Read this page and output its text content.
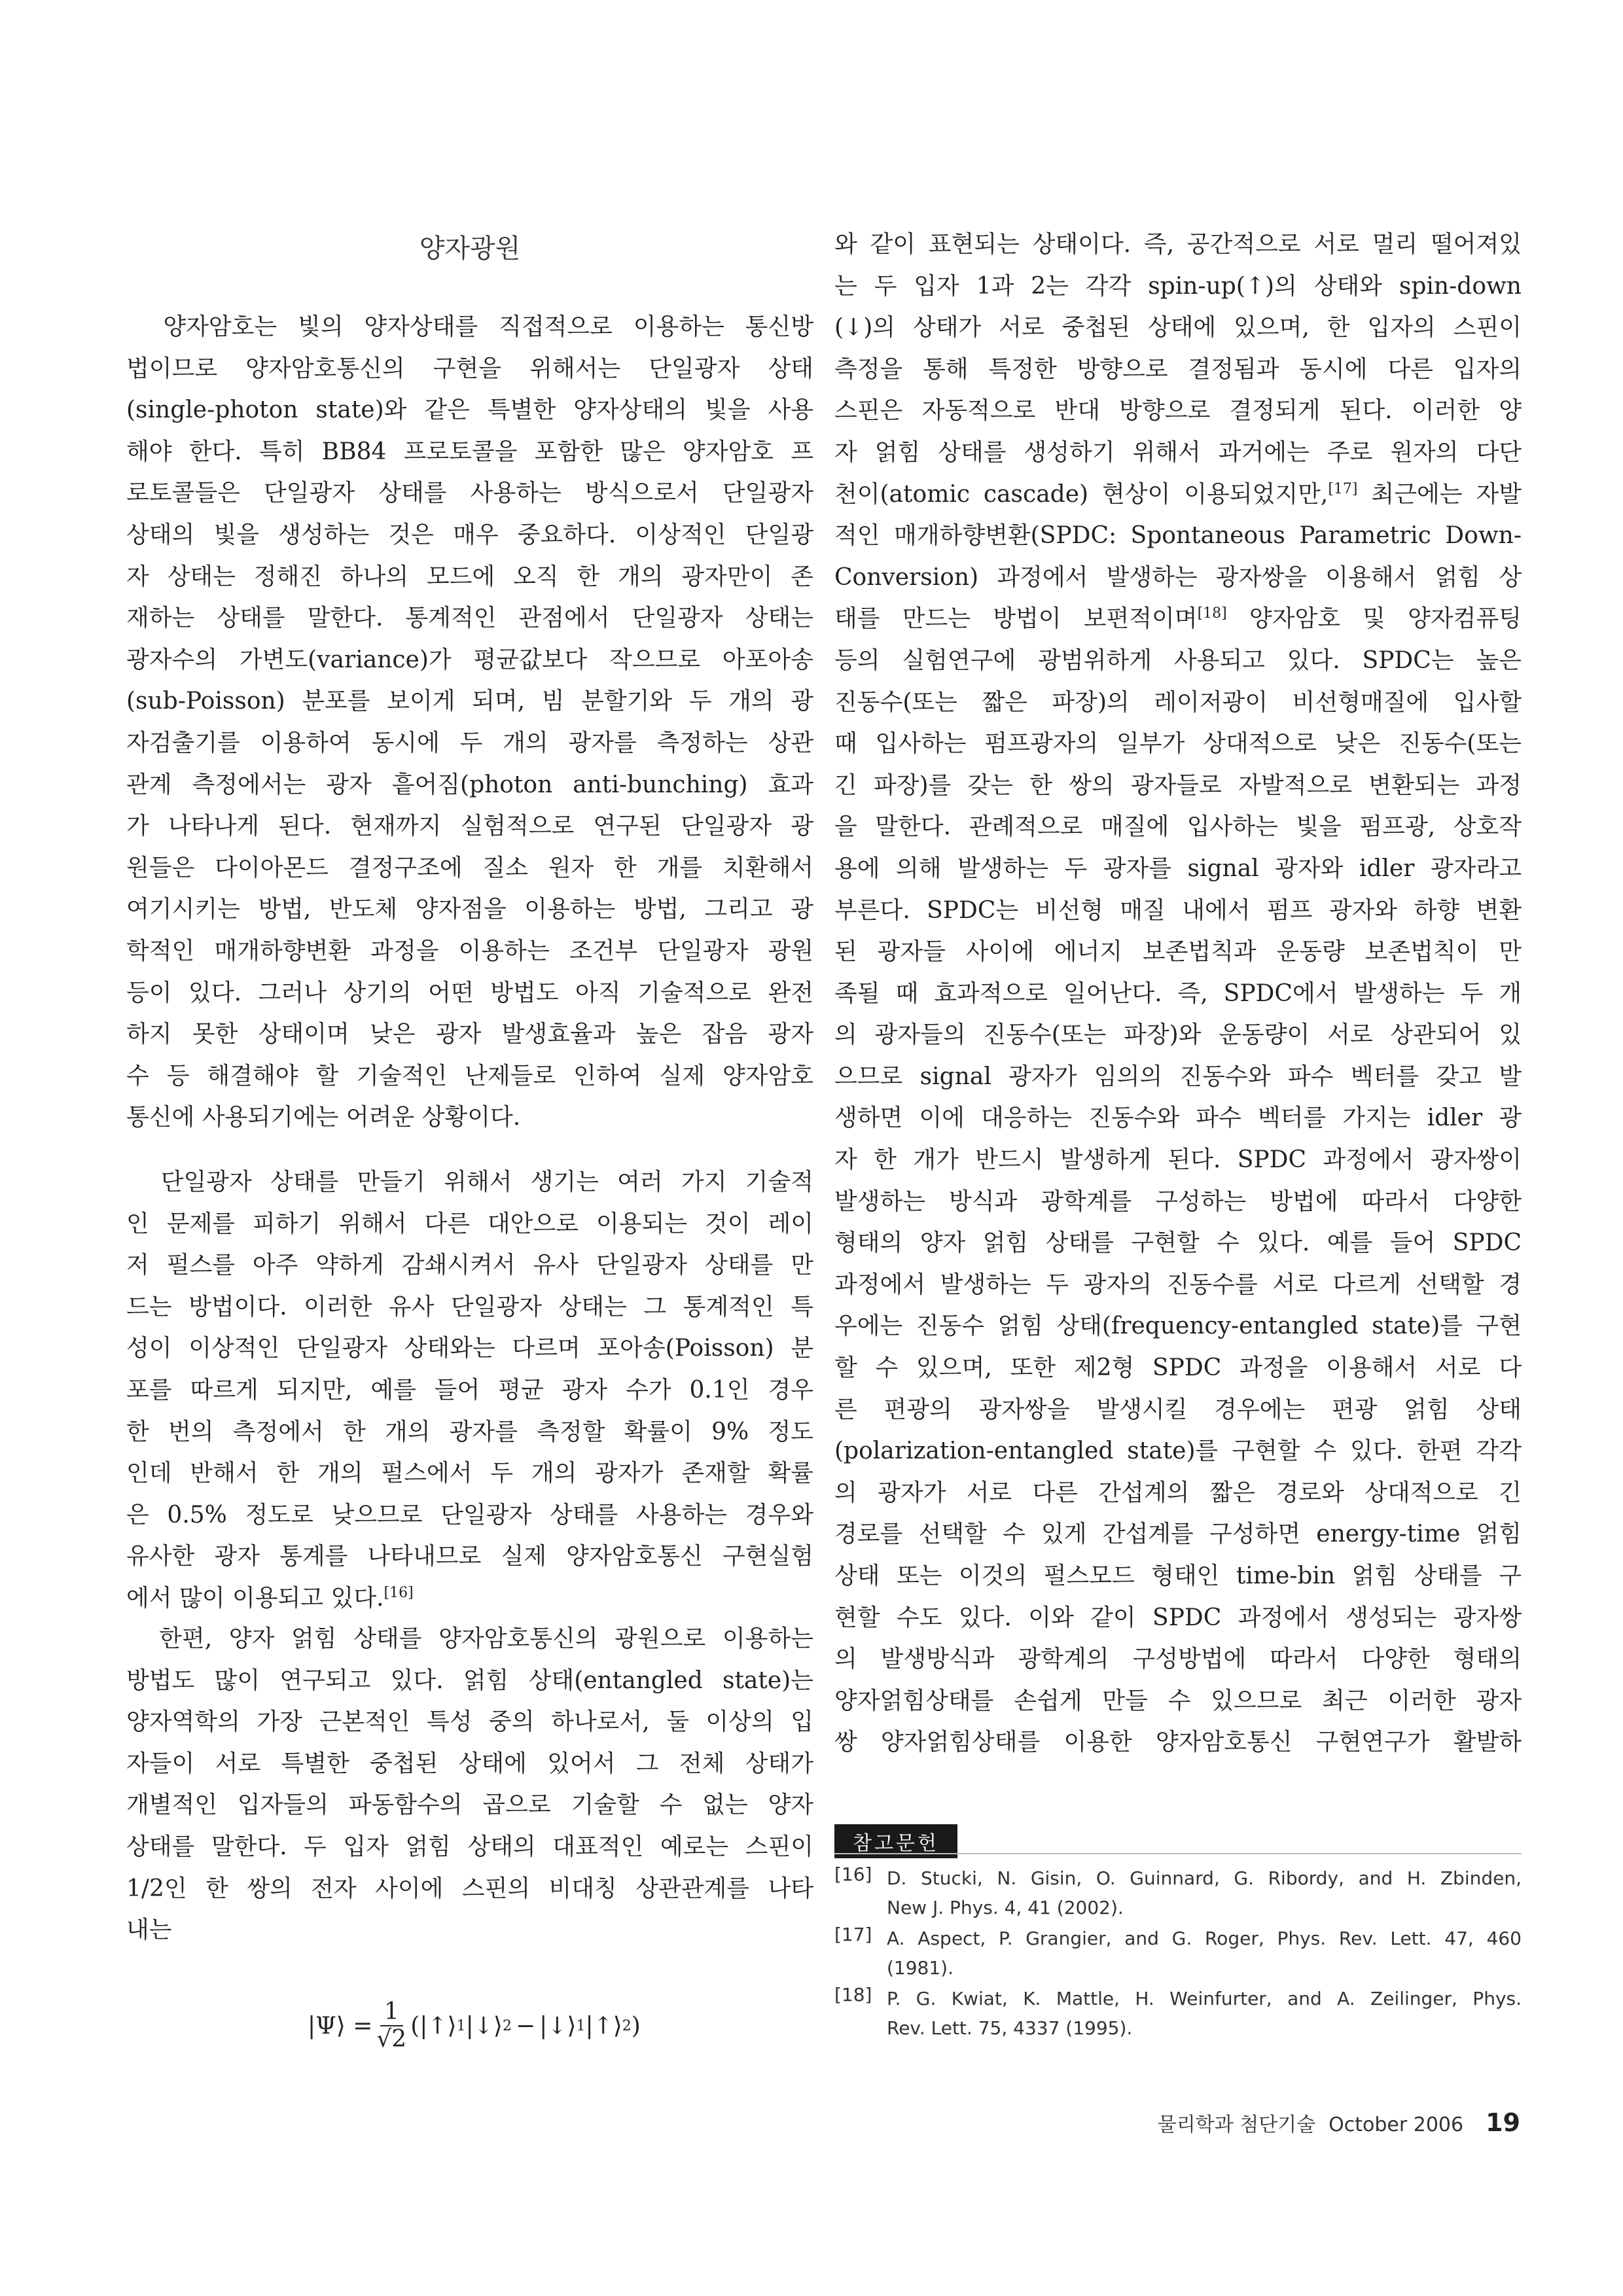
양자광원
　양자암호는 빛의 양자상태를 직접적으로 이용하는 통신방
법이므로 양자암호통신의 구현을 위해서는 단일광자 상태
(single-photon state)와 같은 특별한 양자상태의 빛을 사용
해야 한다. 특히 BB84 프로토콜을 포함한 많은 양자암호 프
로토콜들은 단일광자 상태를 사용하는 방식으로서 단일광자
상태의 빛을 생성하는 것은 매우 중요하다. 이상적인 단일광
자 상태는 정해진 하나의 모드에 오직 한 개의 광자만이 존
재하는 상태를 말한다. 통계적인 관점에서 단일광자 상태는
광자수의 가변도(variance)가 평균값보다 작으므로 아포아송
(sub-Poisson) 분포를 보이게 되며, 빔 분할기와 두 개의 광
자검출기를 이용하여 동시에 두 개의 광자를 측정하는 상관
관계 측정에서는 광자 흩어짐(photon anti-bunching) 효과
가 나타나게 된다. 현재까지 실험적으로 연구된 단일광자 광
원들은 다이아몬드 결정구조에 질소 원자 한 개를 치환해서
여기시키는 방법, 반도체 양자점을 이용하는 방법, 그리고 광
학적인 매개하향변환 과정을 이용하는 조건부 단일광자 광원
등이 있다. 그러나 상기의 어떤 방법도 아직 기술적으로 완전
하지 못한 상태이며 낮은 광자 발생효율과 높은 잡음 광자
수 등 해결해야 할 기술적인 난제들로 인하여 실제 양자암호
통신에 사용되기에는 어려운 상황이다.
　단일광자 상태를 만들기 위해서 생기는 여러 가지 기술적
인 문제를 피하기 위해서 다른 대안으로 이용되는 것이 레이
저 펄스를 아주 약하게 감쇄시켜서 유사 단일광자 상태를 만
드는 방법이다. 이러한 유사 단일광자 상태는 그 통계적인 특
성이 이상적인 단일광자 상태와는 다르며 포아송(Poisson) 분
포를 따르게 되지만, 예를 들어 평균 광자 수가 0.1인 경우
한 번의 측정에서 한 개의 광자를 측정할 확률이 9% 정도
인데 반해서 한 개의 펄스에서 두 개의 광자가 존재할 확률
은 0.5% 정도로 낮으므로 단일광자 상태를 사용하는 경우와
유사한 광자 통계를 나타내므로 실제 양자암호통신 구현실험
에서 많이 이용되고 있다.[16]
　한편, 양자 얽힘 상태를 양자암호통신의 광원으로 이용하는
방법도 많이 연구되고 있다. 얽힘 상태(entangled state)는
양자역학의 가장 근본적인 특성 중의 하나로서, 둘 이상의 입
자들이 서로 특별한 중첩된 상태에 있어서 그 전체 상태가
개별적인 입자들의 파동함수의 곱으로 기술할 수 없는 양자
상태를 말한다. 두 입자 얽힘 상태의 대표적인 예로는 스핀이
1/2인 한 쌍의 전자 사이에 스핀의 비대칭 상관관계를 나타
내는
|Ψ⟩ = $\frac{1}{√2}$ ( |↑⟩ 1 |↓⟩ 2 − |↓⟩ 1 |↑⟩ 2 )
와 같이 표현되는 상태이다. 즉, 공간적으로 서로 멀리 떨어져있
는 두 입자 1과 2는 각각 spin-up(↑)의 상태와 spin-down
(↓)의 상태가 서로 중첩된 상태에 있으며, 한 입자의 스핀이
측정을 통해 특정한 방향으로 결정됨과 동시에 다른 입자의
스핀은 자동적으로 반대 방향으로 결정되게 된다. 이러한 양
자 얽힘 상태를 생성하기 위해서 과거에는 주로 원자의 다단
천이(atomic cascade) 현상이 이용되었지만,[17] 최근에는 자발
적인 매개하향변환(SPDC: Spontaneous Parametric Down-
Conversion) 과정에서 발생하는 광자쌍을 이용해서 얽힘 상
태를 만드는 방법이 보편적이며[18] 양자암호 및 양자컴퓨팅
등의 실험연구에 광범위하게 사용되고 있다. SPDC는 높은
진동수(또는 짧은 파장)의 레이저광이 비선형매질에 입사할
때 입사하는 펌프광자의 일부가 상대적으로 낮은 진동수(또는
긴 파장)를 갖는 한 쌍의 광자들로 자발적으로 변환되는 과정
을 말한다. 관례적으로 매질에 입사하는 빛을 펌프광, 상호작
용에 의해 발생하는 두 광자를 signal 광자와 idler 광자라고
부른다. SPDC는 비선형 매질 내에서 펌프 광자와 하향 변환
된 광자들 사이에 에너지 보존법칙과 운동량 보존법칙이 만
족될 때 효과적으로 일어난다. 즉, SPDC에서 발생하는 두 개
의 광자들의 진동수(또는 파장)와 운동량이 서로 상관되어 있
으므로 signal 광자가 임의의 진동수와 파수 벡터를 갖고 발
생하면 이에 대응하는 진동수와 파수 벡터를 가지는 idler 광
자 한 개가 반드시 발생하게 된다. SPDC 과정에서 광자쌍이
발생하는 방식과 광학계를 구성하는 방법에 따라서 다양한
형태의 양자 얽힘 상태를 구현할 수 있다. 예를 들어 SPDC
과정에서 발생하는 두 광자의 진동수를 서로 다르게 선택할 경
우에는 진동수 얽힘 상태(frequency-entangled state)를 구현
할 수 있으며, 또한 제2형 SPDC 과정을 이용해서 서로 다
른 편광의 광자쌍을 발생시킬 경우에는 편광 얽힘 상태
(polarization-entangled state)를 구현할 수 있다. 한편 각각
의 광자가 서로 다른 간섭계의 짧은 경로와 상대적으로 긴
경로를 선택할 수 있게 간섭계를 구성하면 energy-time 얽힘
상태 또는 이것의 펄스모드 형태인 time-bin 얽힘 상태를 구
현할 수도 있다. 이와 같이 SPDC 과정에서 생성되는 광자쌍
의 발생방식과 광학계의 구성방법에 따라서 다양한 형태의
양자얽힘상태를 손쉽게 만들 수 있으므로 최근 이러한 광자
쌍 양자얽힘상태를 이용한 양자암호통신 구현연구가 활발하
참고문헌
[16] D. Stucki, N. Gisin, O. Guinnard, G. Ribordy, and H. Zbinden,
New J. Phys. 4, 41 (2002).
[17] A. Aspect, P. Grangier, and G. Roger, Phys. Rev. Lett. 47, 460
(1981).
[18] P. G. Kwiat, K. Mattle, H. Weinfurter, and A. Zeilinger, Phys.
Rev. Lett. 75, 4337 (1995).
물리학과 첨단기술 October 2006 19
